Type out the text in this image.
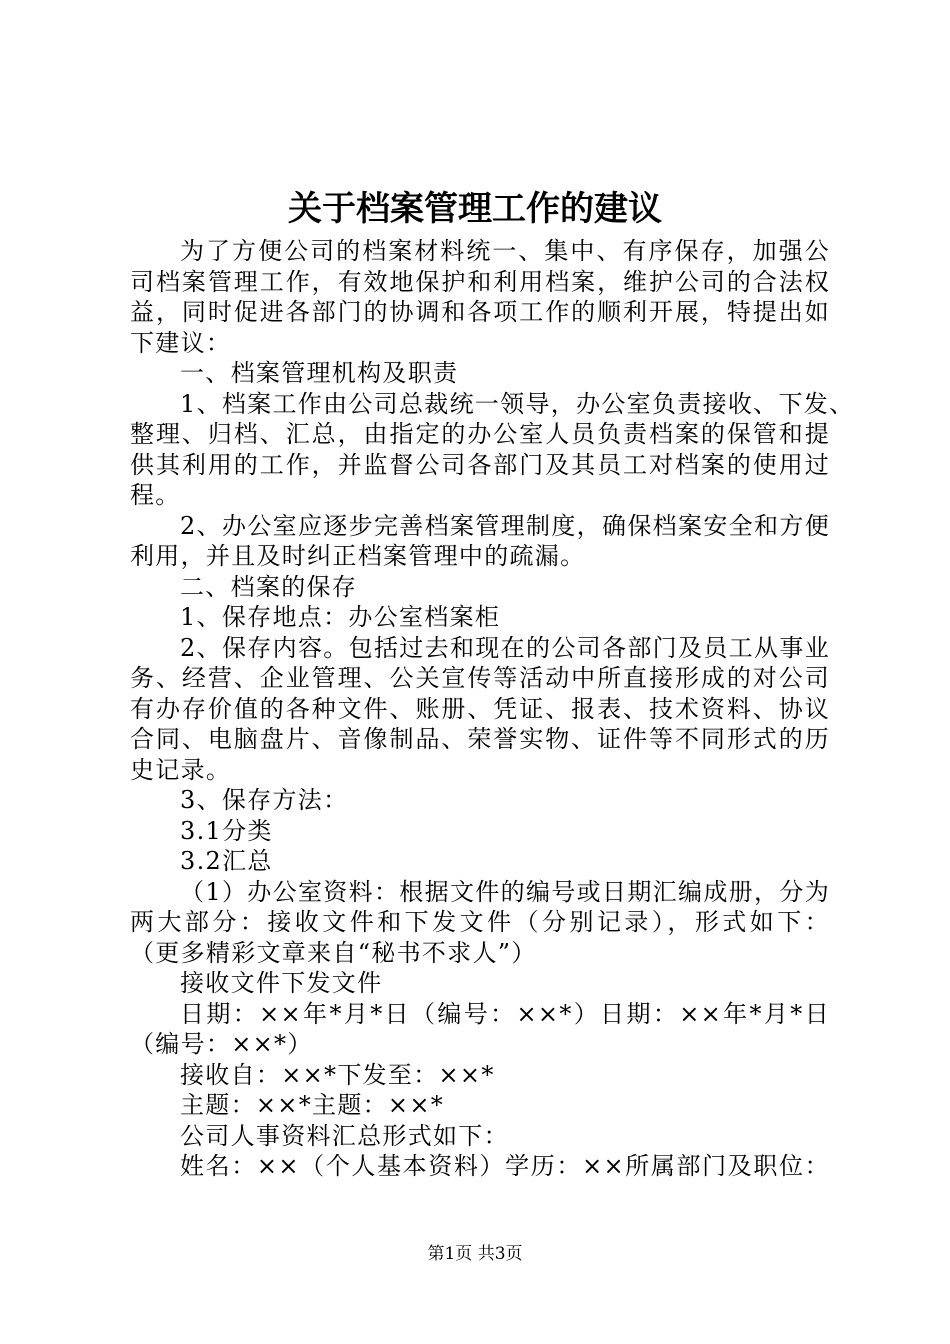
关于档案管理工作的建议
为了方便公司的档案材料统一、集中、有序保存，加强公
司档案管理工作，有效地保护和利用档案，维护公司的合法权
益，同时促进各部门的协调和各项工作的顺利开展，特提出如
下建议：
一、档案管理机构及职责
1、档案工作由公司总裁统一领导，办公室负责接收、下发、
整理、归档、汇总，由指定的办公室人员负责档案的保管和提
供其利用的工作，并监督公司各部门及其员工对档案的使用过
程。
2、办公室应逐步完善档案管理制度，确保档案安全和方便
利用，并且及时纠正档案管理中的疏漏。
二、档案的保存
1、保存地点：办公室档案柜
2、保存内容。包括过去和现在的公司各部门及员工从事业
务、经营、企业管理、公关宣传等活动中所直接形成的对公司
有办存价值的各种文件、账册、凭证、报表、技术资料、协议
合同、电脑盘片、音像制品、荣誉实物、证件等不同形式的历
史记录。
3、保存方法：
3.1分类
3.2汇总
（1）办公室资料：根据文件的编号或日期汇编成册，分为
两大部分：接收文件和下发文件（分别记录），形式如下：
（更多精彩文章来自“秘书不求人”）
接收文件下发文件
日期：××年*月*日（编号：××*）日期：××年*月*日
（编号：××*）
接收自：××*下发至：××*
主题：××*主题：××*
公司人事资料汇总形式如下：
姓名：××（个人基本资料）学历：××所属部门及职位：
第1页 共3页
